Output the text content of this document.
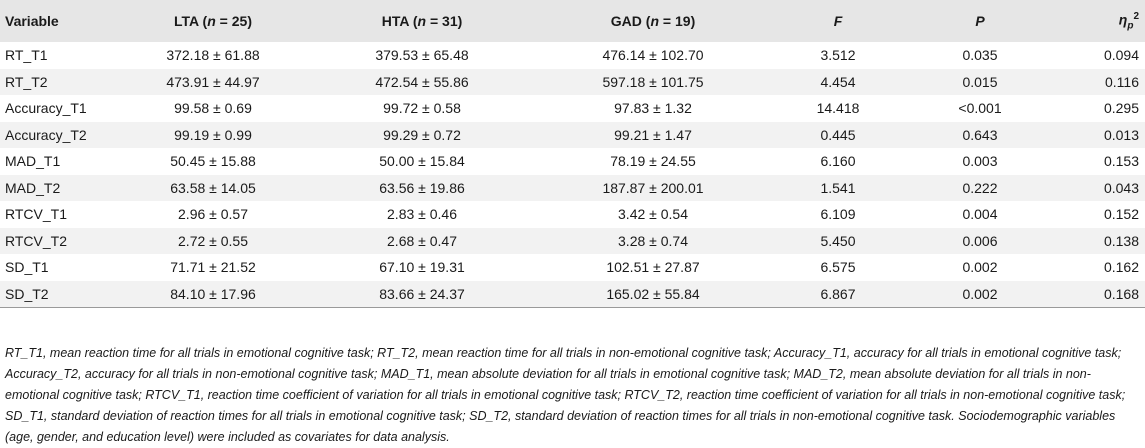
Variable	LTA (n = 25)	HTA (n = 31)	GAD (n = 19)	F	P	$\eta_p^2$
RT_T1	372.18 ± 61.88	379.53 ± 65.48	476.14 ± 102.70	3.512	0.035	0.094
RT_T2	473.91 ± 44.97	472.54 ± 55.86	597.18 ± 101.75	4.454	0.015	0.116
Accuracy_T1	99.58 ± 0.69	99.72 ± 0.58	97.83 ± 1.32	14.418	<0.001	0.295
Accuracy_T2	99.19 ± 0.99	99.29 ± 0.72	99.21 ± 1.47	0.445	0.643	0.013
MAD_T1	50.45 ± 15.88	50.00 ± 15.84	78.19 ± 24.55	6.160	0.003	0.153
MAD_T2	63.58 ± 14.05	63.56 ± 19.86	187.87 ± 200.01	1.541	0.222	0.043
RTCV_T1	2.96 ± 0.57	2.83 ± 0.46	3.42 ± 0.54	6.109	0.004	0.152
RTCV_T2	2.72 ± 0.55	2.68 ± 0.47	3.28 ± 0.74	5.450	0.006	0.138
SD_T1	71.71 ± 21.52	67.10 ± 19.31	102.51 ± 27.87	6.575	0.002	0.162
SD_T2	84.10 ± 17.96	83.66 ± 24.37	165.02 ± 55.84	6.867	0.002	0.168

RT_T1, mean reaction time for all trials in emotional cognitive task; RT_T2, mean reaction time for all trials in non-emotional cognitive task; Accuracy_T1, accuracy for all trials in emotional cognitive task; Accuracy_T2, accuracy for all trials in non-emotional cognitive task; MAD_T1, mean absolute deviation for all trials in emotional cognitive task; MAD_T2, mean absolute deviation for all trials in non-emotional cognitive task; RTCV_T1, reaction time coefficient of variation for all trials in emotional cognitive task; RTCV_T2, reaction time coefficient of variation for all trials in non-emotional cognitive task; SD_T1, standard deviation of reaction times for all trials in emotional cognitive task; SD_T2, standard deviation of reaction times for all trials in non-emotional cognitive task. Sociodemographic variables (age, gender, and education level) were included as covariates for data analysis.
